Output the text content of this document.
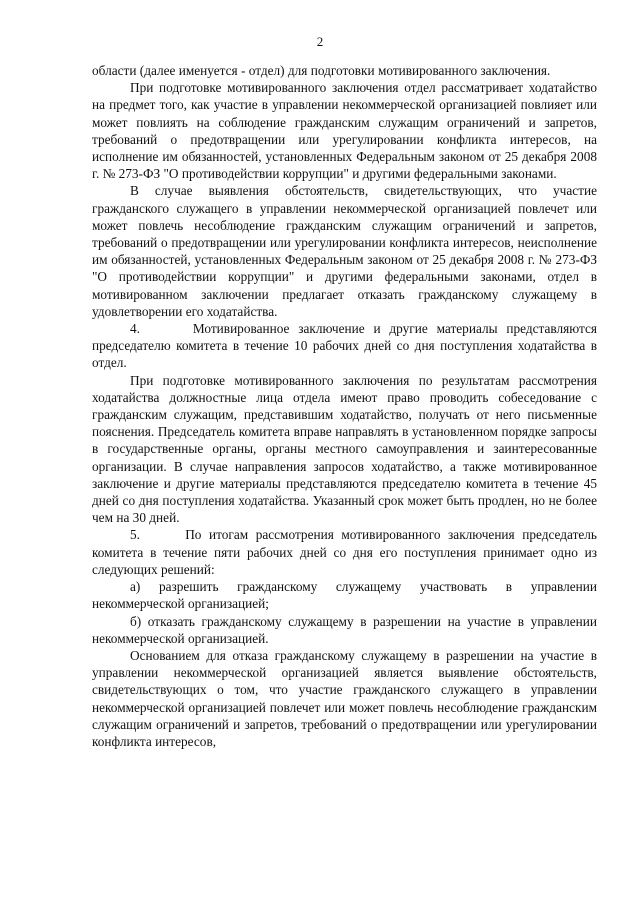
2

области (далее именуется - отдел) для подготовки мотивированного заключения.

При подготовке мотивированного заключения отдел рассматривает ходатайство на предмет того, как участие в управлении некоммерческой организацией повлияет или может повлиять на соблюдение гражданским служащим ограничений и запретов, требований о предотвращении или урегулировании конфликта интересов, на исполнение им обязанностей, установленных Федеральным законом от 25 декабря 2008 г. № 273-ФЗ "О противодействии коррупции" и другими федеральными законами.

В случае выявления обстоятельств, свидетельствующих, что участие гражданского служащего в управлении некоммерческой организацией повлечет или может повлечь несоблюдение гражданским служащим ограничений и запретов, требований о предотвращении или урегулировании конфликта интересов, неисполнение им обязанностей, установленных Федеральным законом от 25 декабря 2008 г. № 273-ФЗ "О противодействии коррупции" и другими федеральными законами, отдел в мотивированном заключении предлагает отказать гражданскому служащему в удовлетворении его ходатайства.

4.      Мотивированное заключение и другие материалы представляются председателю комитета в течение 10 рабочих дней со дня поступления ходатайства в отдел.

При подготовке мотивированного заключения по результатам рассмотрения ходатайства должностные лица отдела имеют право проводить собеседование с гражданским служащим, представившим ходатайство, получать от него письменные пояснения. Председатель комитета вправе направлять в установленном порядке запросы в государственные органы, органы местного самоуправления и заинтересованные организации. В случае направления запросов ходатайство, а также мотивированное заключение и другие материалы представляются председателю комитета в течение 45 дней со дня поступления ходатайства. Указанный срок может быть продлен, но не более чем на 30 дней.

5.      По итогам рассмотрения мотивированного заключения председатель комитета в течение пяти рабочих дней со дня его поступления принимает одно из следующих решений:

а) разрешить гражданскому служащему участвовать в управлении некоммерческой организацией;

б) отказать гражданскому служащему в разрешении на участие в управлении некоммерческой организацией.

Основанием для отказа гражданскому служащему в разрешении на участие в управлении некоммерческой организацией является выявление обстоятельств, свидетельствующих о том, что участие гражданского служащего в управлении некоммерческой организацией повлечет или может повлечь несоблюдение гражданским служащим ограничений и запретов, требований о предотвращении или урегулировании конфликта интересов,
